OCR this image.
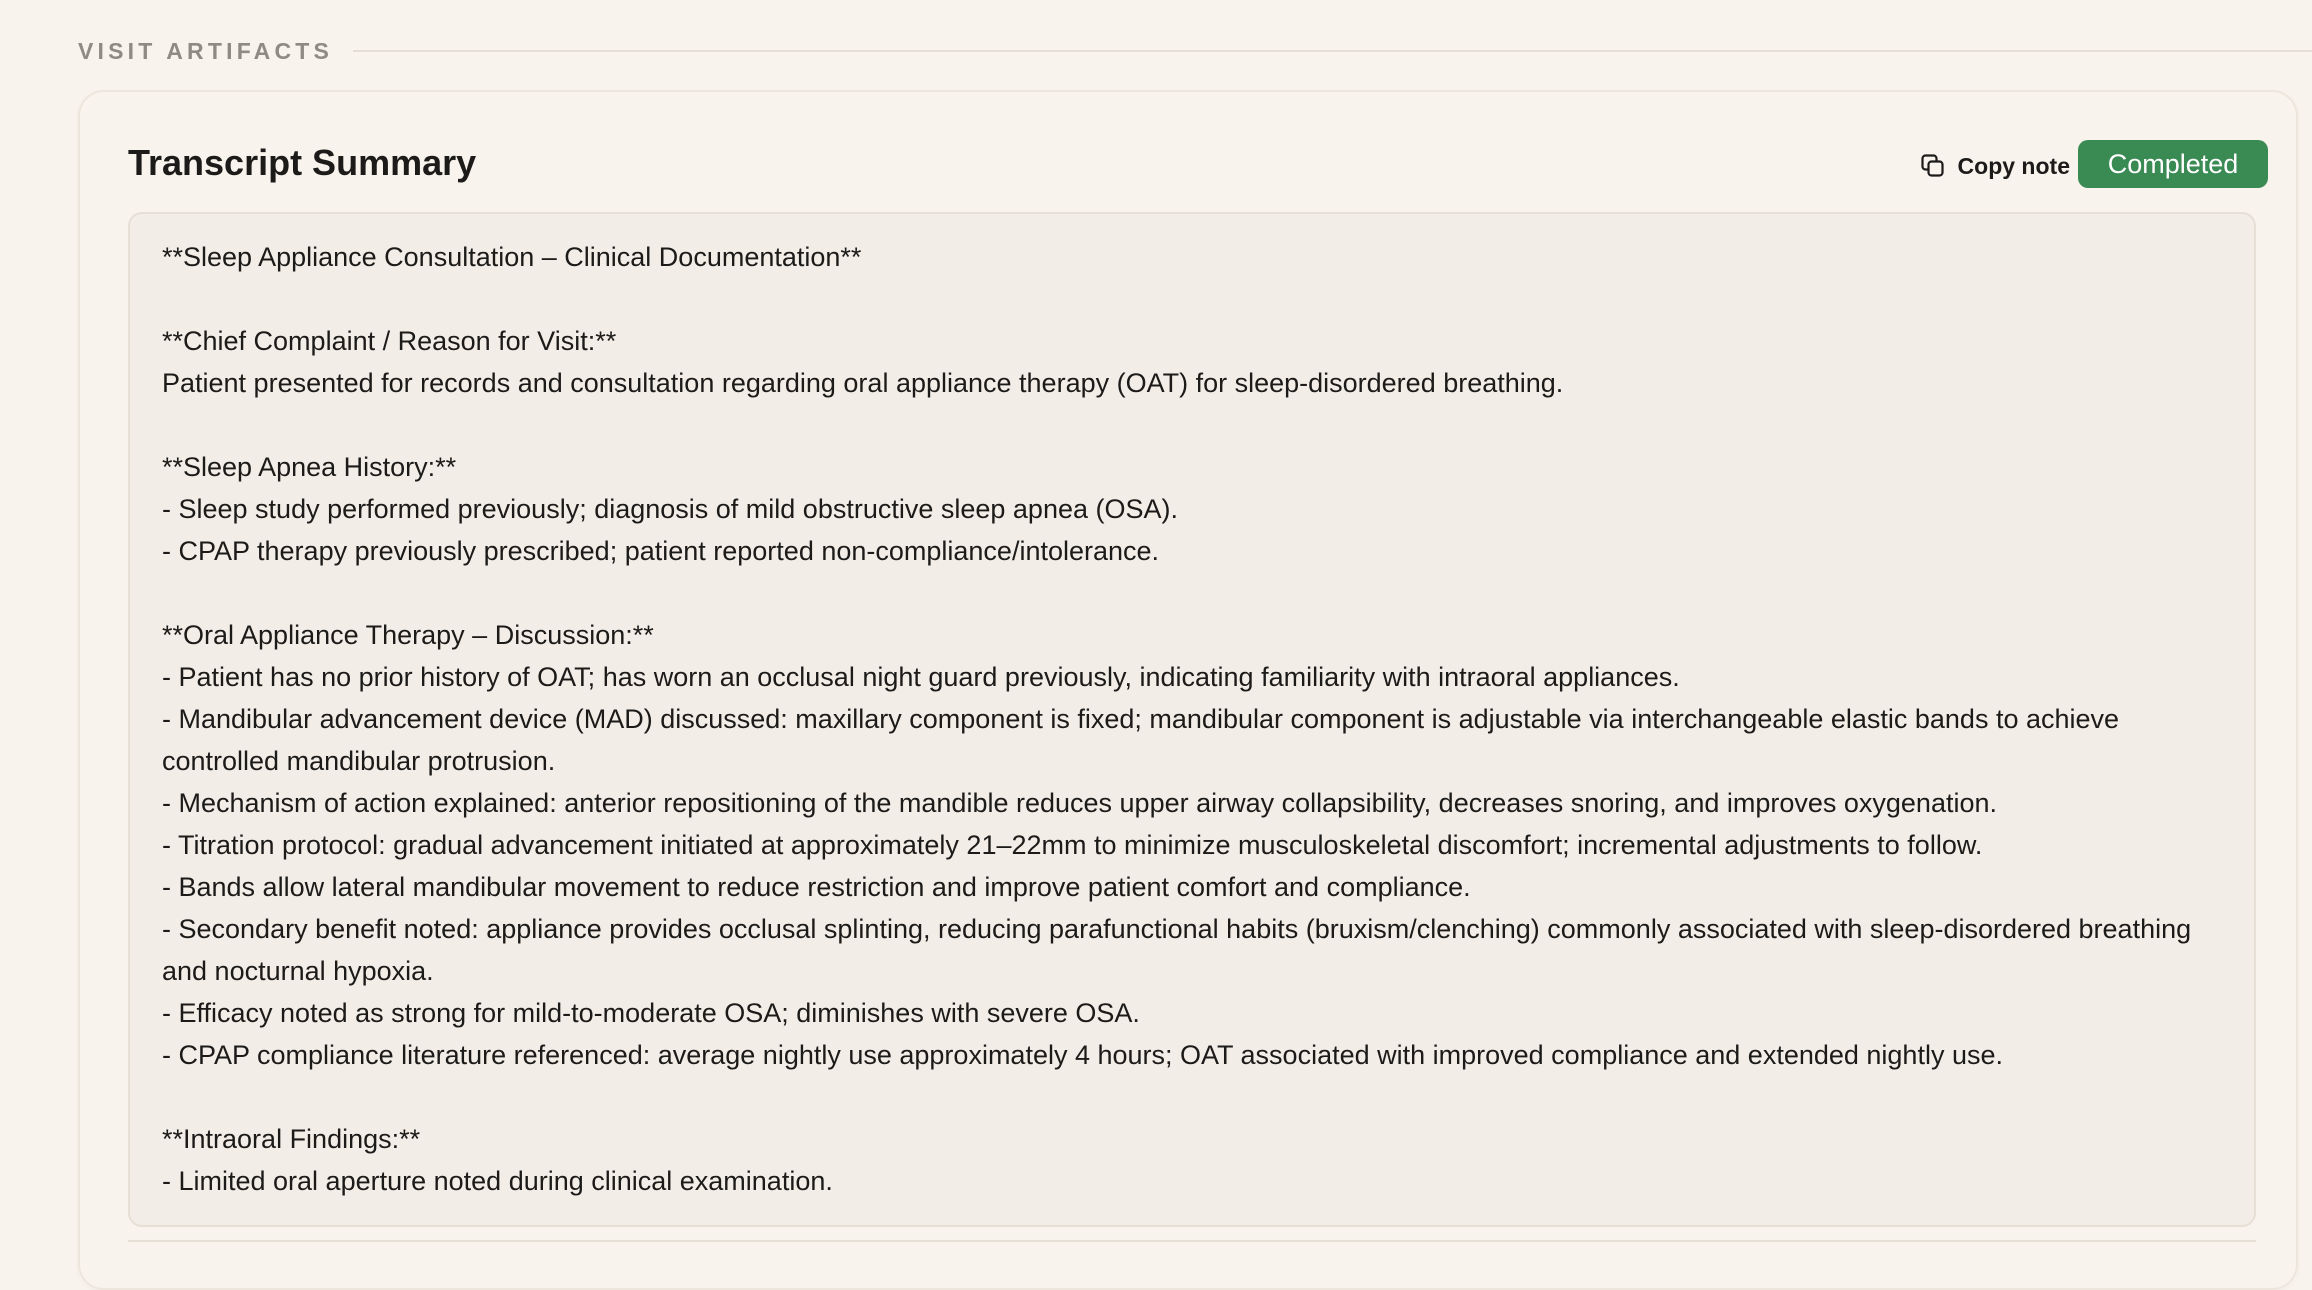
VISIT ARTIFACTS
Transcript Summary	Copy note	Completed
**Sleep Appliance Consultation – Clinical Documentation**
**Chief Complaint / Reason for Visit:**
Patient presented for records and consultation regarding oral appliance therapy (OAT) for sleep-disordered breathing.
**Sleep Apnea History:**
- Sleep study performed previously; diagnosis of mild obstructive sleep apnea (OSA).
- CPAP therapy previously prescribed; patient reported non-compliance/intolerance.
**Oral Appliance Therapy – Discussion:**
- Patient has no prior history of OAT; has worn an occlusal night guard previously, indicating familiarity with intraoral appliances.
- Mandibular advancement device (MAD) discussed: maxillary component is fixed; mandibular component is adjustable via interchangeable elastic bands to achieve controlled mandibular protrusion.
- Mechanism of action explained: anterior repositioning of the mandible reduces upper airway collapsibility, decreases snoring, and improves oxygenation.
- Titration protocol: gradual advancement initiated at approximately 21–22mm to minimize musculoskeletal discomfort; incremental adjustments to follow.
- Bands allow lateral mandibular movement to reduce restriction and improve patient comfort and compliance.
- Secondary benefit noted: appliance provides occlusal splinting, reducing parafunctional habits (bruxism/clenching) commonly associated with sleep-disordered breathing and nocturnal hypoxia.
- Efficacy noted as strong for mild-to-moderate OSA; diminishes with severe OSA.
- CPAP compliance literature referenced: average nightly use approximately 4 hours; OAT associated with improved compliance and extended nightly use.
**Intraoral Findings:**
- Limited oral aperture noted during clinical examination.
